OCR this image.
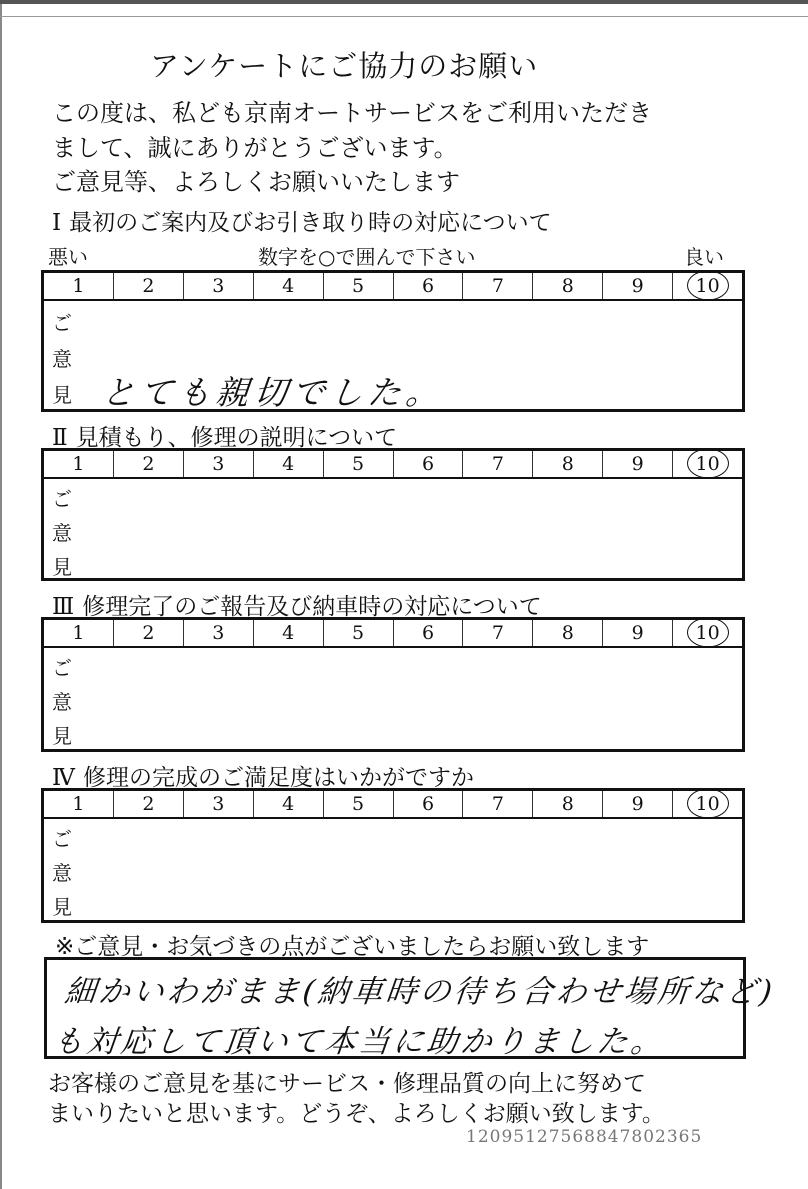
アンケートにご協力のお願い
この度は、私ども京南オートサービスをご利用いただき
まして、誠にありがとうございます。
ご意見等、よろしくお願いいたします
Ⅰ 最初のご案内及びお引き取り時の対応について
悪い	数字を○で囲んで下さい	良い
1	2	3	4	5	6	7	8	9	10
ご
意
見 とても親切でした。
Ⅱ 見積もり、修理の説明について
1	2	3	4	5	6	7	8	9	10
ご
意
見
Ⅲ 修理完了のご報告及び納車時の対応について
1	2	3	4	5	6	7	8	9	10
ご
意
見
Ⅳ 修理の完成のご満足度はいかがですか
1	2	3	4	5	6	7	8	9	10
ご
意
見
※ご意見・お気づきの点がございましたらお願い致します
細かいわがまま(納車時の待ち合わせ場所など)
も対応して頂いて本当に助かりました。
お客様のご意見を基にサービス・修理品質の向上に努めて
まいりたいと思います。どうぞ、よろしくお願い致します。
1209512756884780236​5
